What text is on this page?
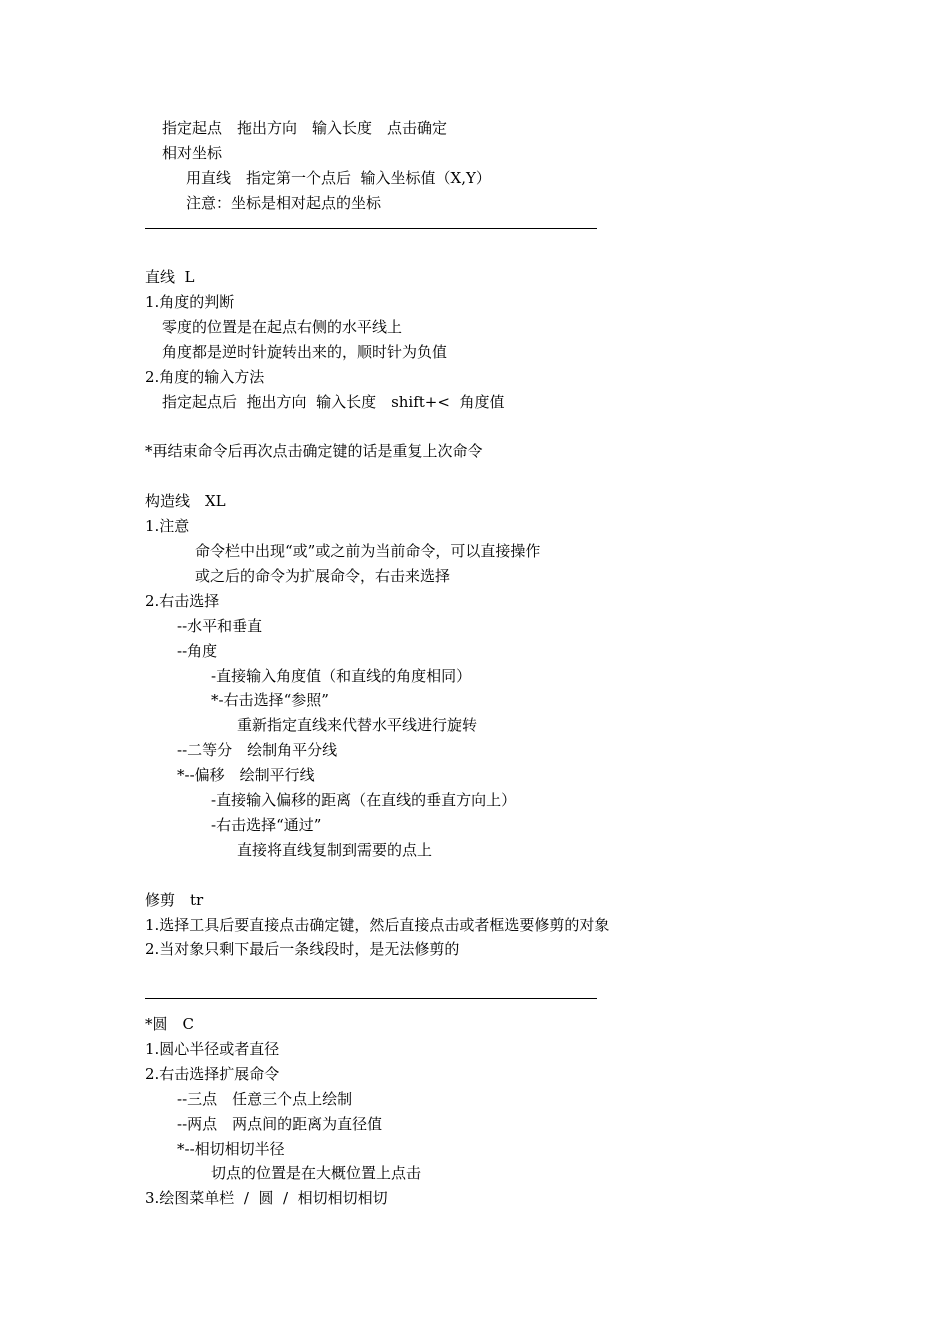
指定起点　拖出方向　输入长度　点击确定
相对坐标
用直线　指定第一个点后  输入坐标值（X,Y）
注意：坐标是相对起点的坐标
直线  L
1.角度的判断
零度的位置是在起点右侧的水平线上
角度都是逆时针旋转出来的，顺时针为负值
2.角度的输入方法
指定起点后  拖出方向  输入长度　shift+<  角度值
*再结束命令后再次点击确定键的话是重复上次命令
构造线　XL
1.注意
命令栏中出现“或”或之前为当前命令，可以直接操作
或之后的命令为扩展命令，右击来选择
2.右击选择
--水平和垂直
--角度
-直接输入角度值（和直线的角度相同）
*-右击选择“参照”
重新指定直线来代替水平线进行旋转
--二等分　绘制角平分线
*--偏移　绘制平行线
-直接输入偏移的距离（在直线的垂直方向上）
-右击选择“通过”
直接将直线复制到需要的点上
修剪　tr
1.选择工具后要直接点击确定键，然后直接点击或者框选要修剪的对象
2.当对象只剩下最后一条线段时，是无法修剪的
*圆　C
1.圆心半径或者直径
2.右击选择扩展命令
--三点　任意三个点上绘制
--两点　两点间的距离为直径值
*--相切相切半径
切点的位置是在大概位置上点击
3.绘图菜单栏  /  圆  /  相切相切相切
